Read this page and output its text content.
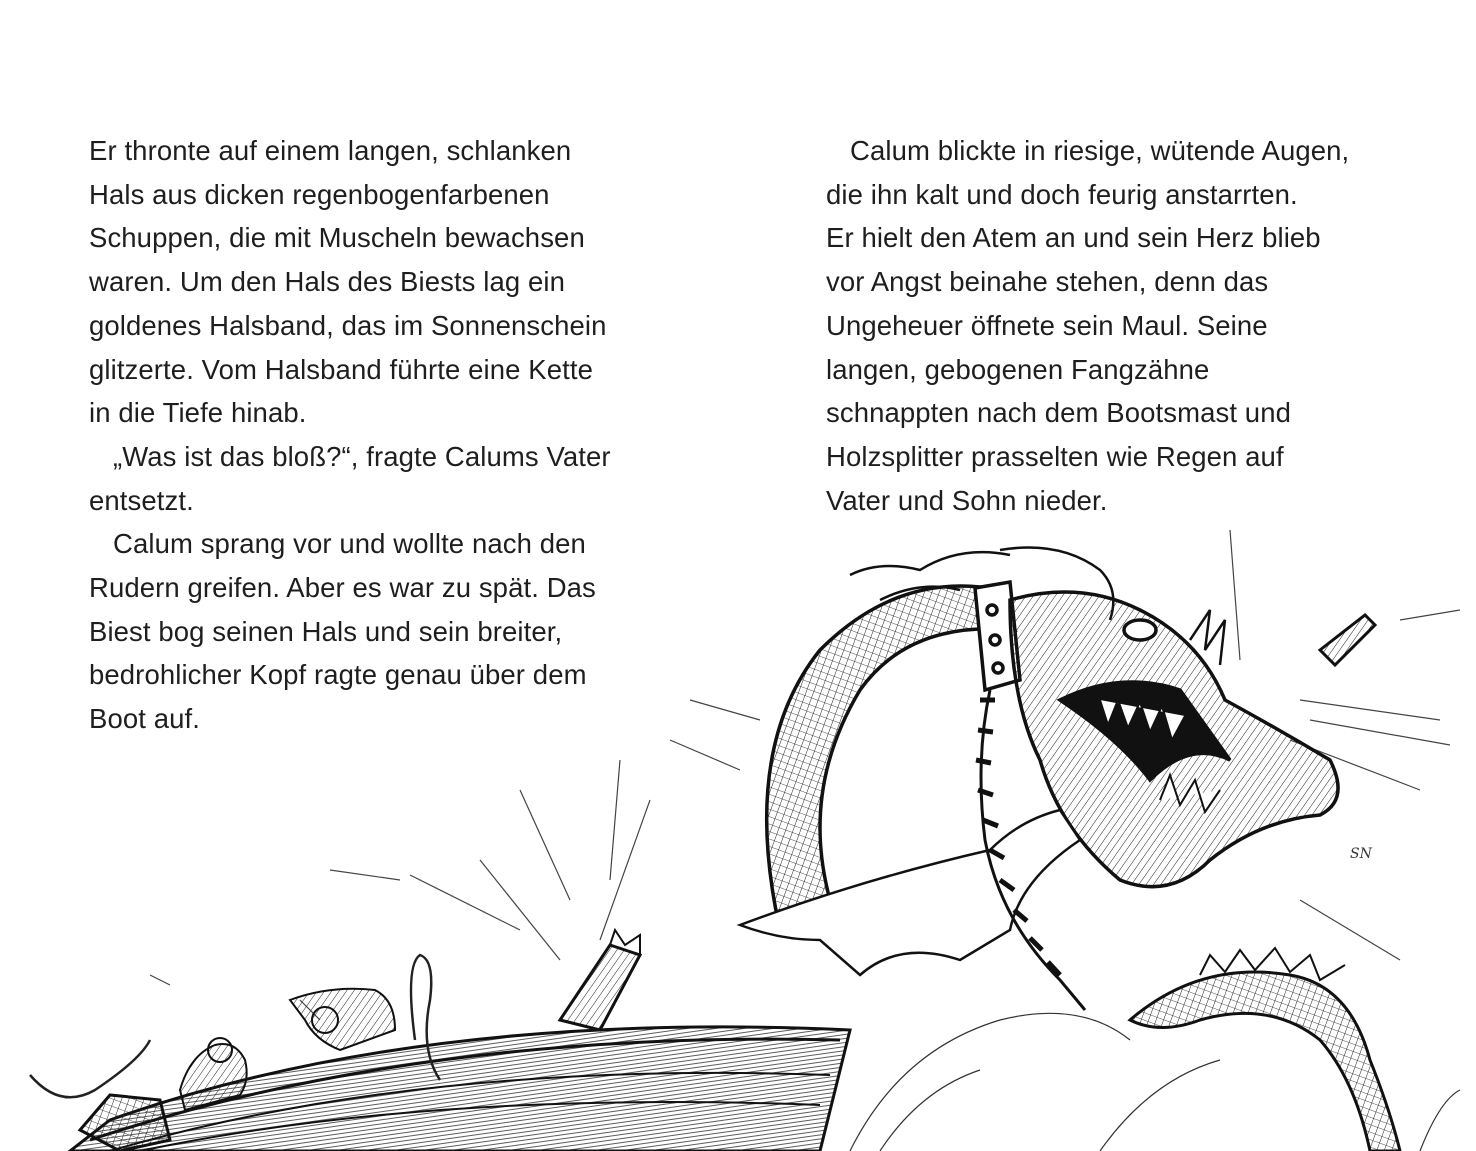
Er thronte auf einem langen, schlanken
Hals aus dicken regenbogenfarbenen
Schuppen, die mit Muscheln bewachsen
waren. Um den Hals des Biests lag ein
goldenes Halsband, das im Sonnenschein
glitzerte. Vom Halsband führte eine Kette
in die Tiefe hinab.
„Was ist das bloß?“, fragte Calums Vater
entsetzt.
Calum sprang vor und wollte nach den
Rudern greifen. Aber es war zu spät. Das
Biest bog seinen Hals und sein breiter,
bedrohlicher Kopf ragte genau über dem
Boot auf.
Calum blickte in riesige, wütende Augen,
die ihn kalt und doch feurig anstarrten.
Er hielt den Atem an und sein Herz blieb
vor Angst beinahe stehen, denn das
Ungeheuer öffnete sein Maul. Seine
langen, gebogenen Fangzähne
schnappten nach dem Bootsmast und
Holzsplitter prasselten wie Regen auf
Vater und Sohn nieder.
SN
